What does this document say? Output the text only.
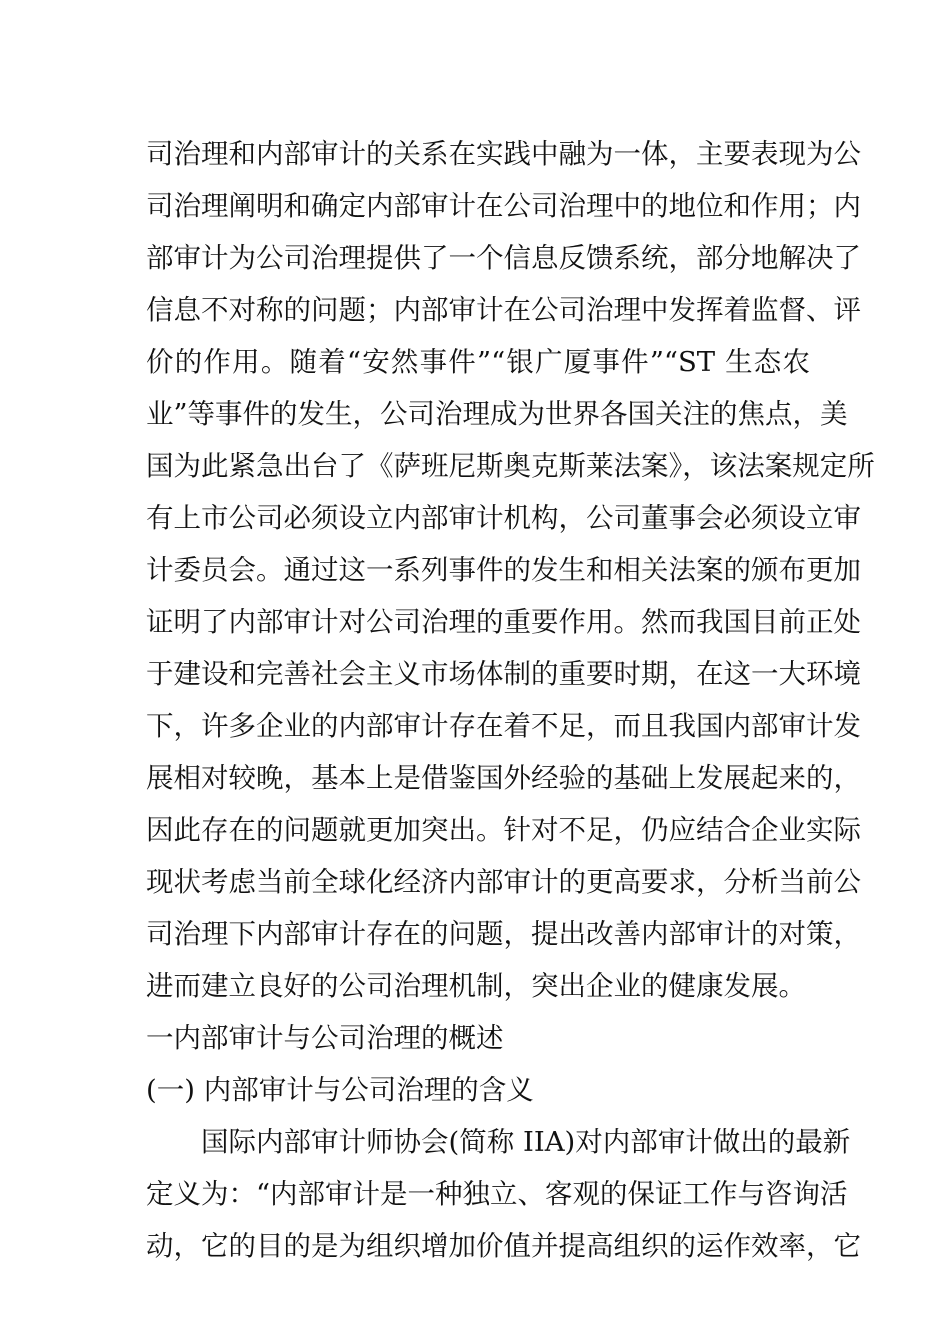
司治理和内部审计的关系在实践中融为一体，主要表现为公
司治理阐明和确定内部审计在公司治理中的地位和作用；内
部审计为公司治理提供了一个信息反馈系统，部分地解决了
信息不对称的问题；内部审计在公司治理中发挥着监督、评
价的作用。随着“安然事件”“银广厦事件”“ST 生态农
业”等事件的发生，公司治理成为世界各国关注的焦点，美
国为此紧急出台了《萨班尼斯奥克斯莱法案》，该法案规定所
有上市公司必须设立内部审计机构，公司董事会必须设立审
计委员会。通过这一系列事件的发生和相关法案的颁布更加
证明了内部审计对公司治理的重要作用。然而我国目前正处
于建设和完善社会主义市场体制的重要时期，在这一大环境
下，许多企业的内部审计存在着不足，而且我国内部审计发
展相对较晚，基本上是借鉴国外经验的基础上发展起来的，
因此存在的问题就更加突出。针对不足，仍应结合企业实际
现状考虑当前全球化经济内部审计的更高要求，分析当前公
司治理下内部审计存在的问题，提出改善内部审计的对策，
进而建立良好的公司治理机制，突出企业的健康发展。
一内部审计与公司治理的概述
(一) 内部审计与公司治理的含义
国际内部审计师协会(简称 IIA)对内部审计做出的最新
定义为：“内部审计是一种独立、客观的保证工作与咨询活
动，它的目的是为组织增加价值并提高组织的运作效率，它
